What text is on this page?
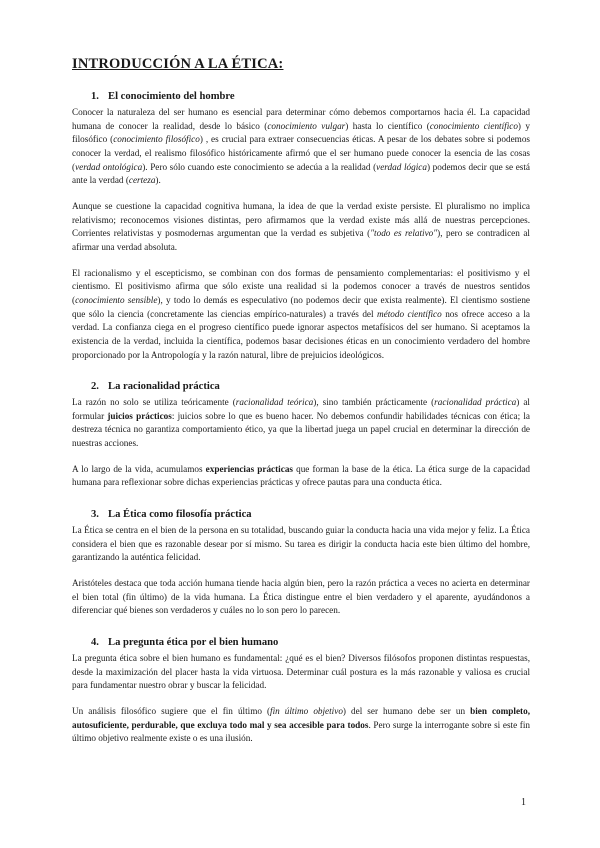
INTRODUCCIÓN A LA ÉTICA:
1. El conocimiento del hombre

Conocer la naturaleza del ser humano es esencial para determinar cómo debemos comportarnos hacia él. La capacidad humana de conocer la realidad, desde lo básico (conocimiento vulgar) hasta lo científico (conocimiento científico) y filosófico (conocimiento filosófico) , es crucial para extraer consecuencias éticas. A pesar de los debates sobre si podemos conocer la verdad, el realismo filosófico históricamente afirmó que el ser humano puede conocer la esencia de las cosas (verdad ontológica). Pero sólo cuando este conocimiento se adecúa a la realidad (verdad lógica) podemos decir que se está ante la verdad (certeza).

Aunque se cuestione la capacidad cognitiva humana, la idea de que la verdad existe persiste. El pluralismo no implica relativismo; reconocemos visiones distintas, pero afirmamos que la verdad existe más allá de nuestras percepciones. Corrientes relativistas y posmodernas argumentan que la verdad es subjetiva ("todo es relativo"), pero se contradicen al afirmar una verdad absoluta.

El racionalismo y el escepticismo, se combinan con dos formas de pensamiento complementarias: el positivismo y el cientismo. El positivismo afirma que sólo existe una realidad si la podemos conocer a través de nuestros sentidos (conocimiento sensible), y todo lo demás es especulativo (no podemos decir que exista realmente). El cientismo sostiene que sólo la ciencia (concretamente las ciencias empírico-naturales) a través del método científico nos ofrece acceso a la verdad. La confianza ciega en el progreso científico puede ignorar aspectos metafísicos del ser humano. Si aceptamos la existencia de la verdad, incluida la científica, podemos basar decisiones éticas en un conocimiento verdadero del hombre proporcionado por la Antropología y la razón natural, libre de prejuicios ideológicos.

2. La racionalidad práctica

La razón no solo se utiliza teóricamente (racionalidad teórica), sino también prácticamente (racionalidad práctica) al formular juicios prácticos: juicios sobre lo que es bueno hacer. No debemos confundir habilidades técnicas con ética; la destreza técnica no garantiza comportamiento ético, ya que la libertad juega un papel crucial en determinar la dirección de nuestras acciones.

A lo largo de la vida, acumulamos experiencias prácticas que forman la base de la ética. La ética surge de la capacidad humana para reflexionar sobre dichas experiencias prácticas y ofrece pautas para una conducta ética.

3. La Ética como filosofía práctica

La Ética se centra en el bien de la persona en su totalidad, buscando guiar la conducta hacia una vida mejor y feliz. La Ética considera el bien que es razonable desear por sí mismo. Su tarea es dirigir la conducta hacia este bien último del hombre, garantizando la auténtica felicidad.

Aristóteles destaca que toda acción humana tiende hacia algún bien, pero la razón práctica a veces no acierta en determinar el bien total (fin último) de la vida humana. La Ética distingue entre el bien verdadero y el aparente, ayudándonos a diferenciar qué bienes son verdaderos y cuáles no lo son pero lo parecen.

4. La pregunta ética por el bien humano

La pregunta ética sobre el bien humano es fundamental: ¿qué es el bien? Diversos filósofos proponen distintas respuestas, desde la maximización del placer hasta la vida virtuosa. Determinar cuál postura es la más razonable y valiosa es crucial para fundamentar nuestro obrar y buscar la felicidad.

Un análisis filosófico sugiere que el fin último (fin último objetivo) del ser humano debe ser un bien completo, autosuficiente, perdurable, que excluya todo mal y sea accesible para todos. Pero surge la interrogante sobre si este fin último objetivo realmente existe o es una ilusión.

1
